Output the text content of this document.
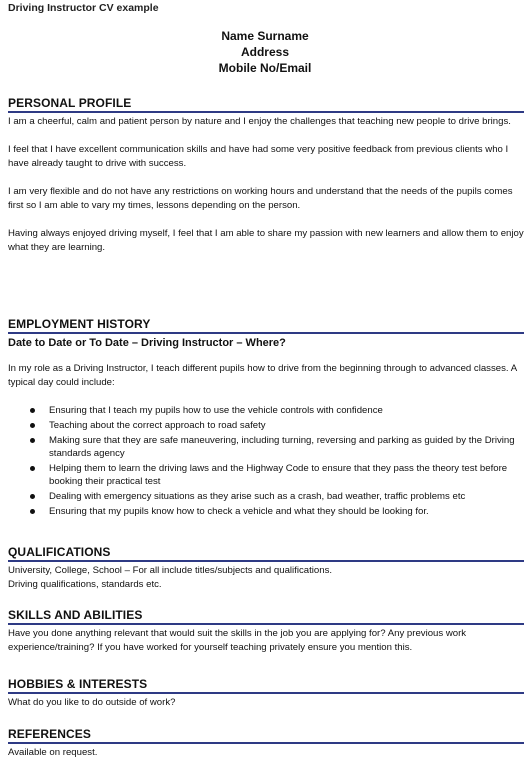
Driving Instructor CV example
Name Surname
Address
Mobile No/Email
PERSONAL PROFILE

I am a cheerful, calm and patient person by nature and I enjoy the challenges that teaching new people to drive brings.

I feel that I have excellent communication skills and have had some very positive feedback from previous clients who I have already taught to drive with success.

I am very flexible and do not have any restrictions on working hours and understand that the needs of the pupils comes first so I am able to vary my times, lessons depending on the person.

Having always enjoyed driving myself, I feel that I am able to share my passion with new learners and allow them to enjoy what they are learning.

EMPLOYMENT HISTORY
Date to Date or To Date – Driving Instructor – Where?

In my role as a Driving Instructor, I teach different pupils how to drive from the beginning through to advanced classes. A typical day could include:

Ensuring that I teach my pupils how to use the vehicle controls with confidence
Teaching about the correct approach to road safety
Making sure that they are safe maneuvering, including turning, reversing and parking as guided by the Driving standards agency
Helping them to learn the driving laws and the Highway Code to ensure that they pass the theory test before booking their practical test
Dealing with emergency situations as they arise such as a crash, bad weather, traffic problems etc
Ensuring that my pupils know how to check a vehicle and what they should be looking for.
QUALIFICATIONS

University, College, School – For all include titles/subjects and qualifications.

Driving qualifications, standards etc.

SKILLS AND ABILITIES

Have you done anything relevant that would suit the skills in the job you are applying for? Any previous work experience/training? If you have worked for yourself teaching privately ensure you mention this.

HOBBIES & INTERESTS

What do you like to do outside of work?

REFERENCES

Available on request.
